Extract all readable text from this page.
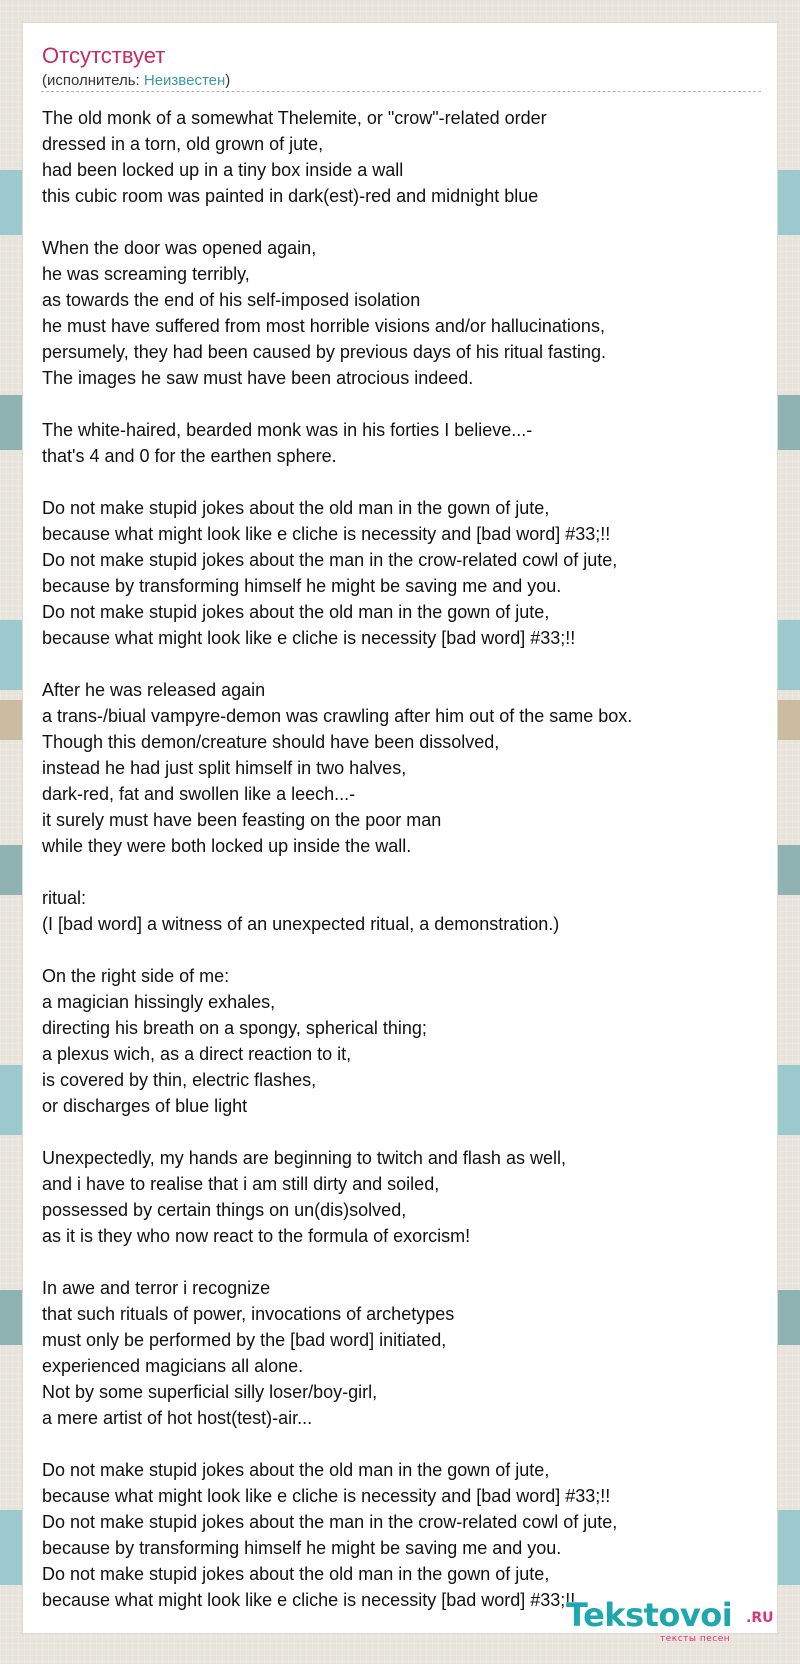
Отсутствует
(исполнитель: Неизвестен)
The old monk of a somewhat Thelemite, or "crow"-related order
dressed in a torn, old grown of jute,
had been locked up in a tiny box inside a wall
this cubic room was painted in dark(est)-red and midnight blue
When the door was opened again,
he was screaming terribly,
as towards the end of his self-imposed isolation
he must have suffered from most horrible visions and/or hallucinations,
persumely, they had been caused by previous days of his ritual fasting.
The images he saw must have been atrocious indeed.
The white-haired, bearded monk was in his forties I believe...-
that's 4 and 0 for the earthen sphere.
Do not make stupid jokes about the old man in the gown of jute,
because what might look like e cliche is necessity and [bad word] #33;!!
Do not make stupid jokes about the man in the crow-related cowl of jute,
because by transforming himself he might be saving me and you.
Do not make stupid jokes about the old man in the gown of jute,
because what might look like e cliche is necessity [bad word] #33;!!
After he was released again
a trans-/biual vampyre-demon was crawling after him out of the same box.
Though this demon/creature should have been dissolved,
instead he had just split himself in two halves,
dark-red, fat and swollen like a leech...-
it surely must have been feasting on the poor man
while they were both locked up inside the wall.
ritual:
(I [bad word] a witness of an unexpected ritual, a demonstration.)
On the right side of me:
a magician hissingly exhales,
directing his breath on a spongy, spherical thing;
a plexus wich, as a direct reaction to it,
is covered by thin, electric flashes,
or discharges of blue light
Unexpectedly, my hands are beginning to twitch and flash as well,
and i have to realise that i am still dirty and soiled,
possessed by certain things on un(dis)solved,
as it is they who now react to the formula of exorcism!
In awe and terror i recognize
that such rituals of power, invocations of archetypes
must only be performed by the [bad word] initiated,
experienced magicians all alone.
Not by some superficial silly loser/boy-girl,
a mere artist of hot host(test)-air...
Do not make stupid jokes about the old man in the gown of jute,
because what might look like e cliche is necessity and [bad word] #33;!!
Do not make stupid jokes about the man in the crow-related cowl of jute,
because by transforming himself he might be saving me and you.
Do not make stupid jokes about the old man in the gown of jute,
because what might look like e cliche is necessity [bad word] #33;!!
Tekstovoi .RU
тексты песен
